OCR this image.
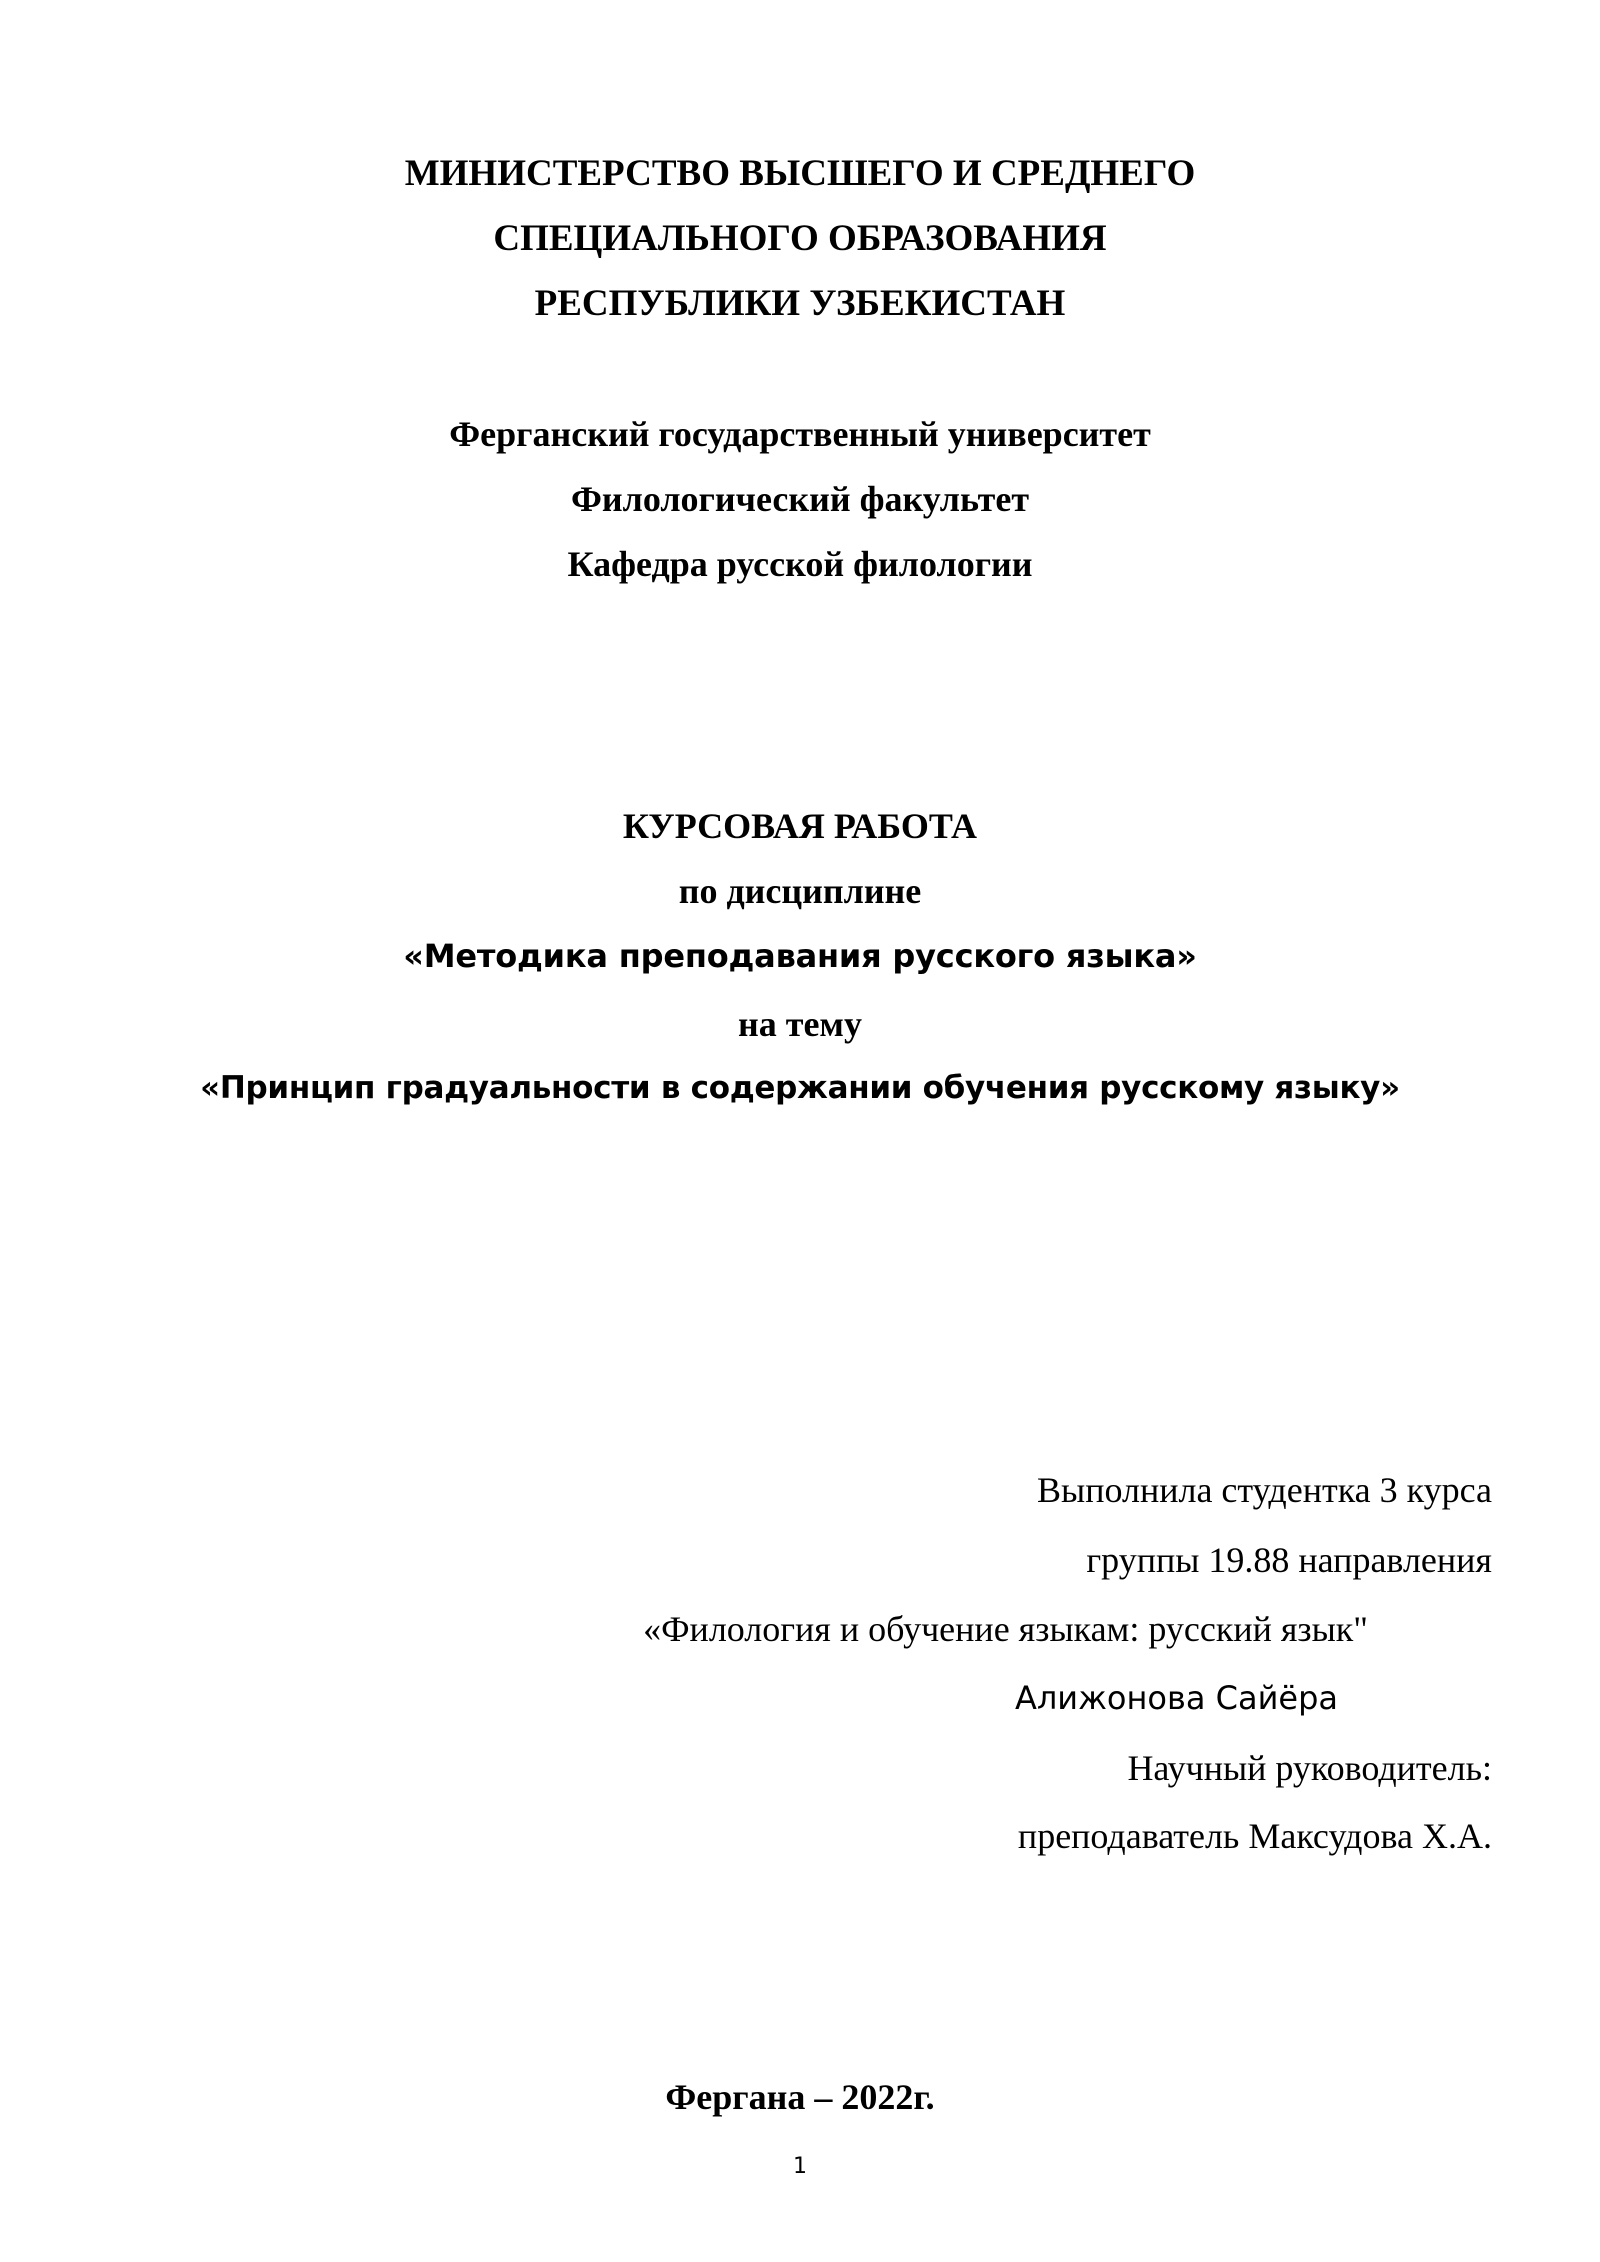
МИНИСТЕРСТВО ВЫСШЕГО И СРЕДНЕГО
СПЕЦИАЛЬНОГО ОБРАЗОВАНИЯ
РЕСПУБЛИКИ УЗБЕКИСТАН
Ферганский государственный университет
Филологический факультет
Кафедра русской филологии
КУРСОВАЯ РАБОТА
по дисциплине
«Методика преподавания русского языка»
на тему
«Принцип градуальности в содержании обучения русскому языку»
Выполнила студентка 3 курса
группы 19.88 направления
«Филология и обучение языкам: русский язык"
Алижонова Сайёра
Научный руководитель:
преподаватель Максудова Х.А.
Фергана – 2022г.
1
